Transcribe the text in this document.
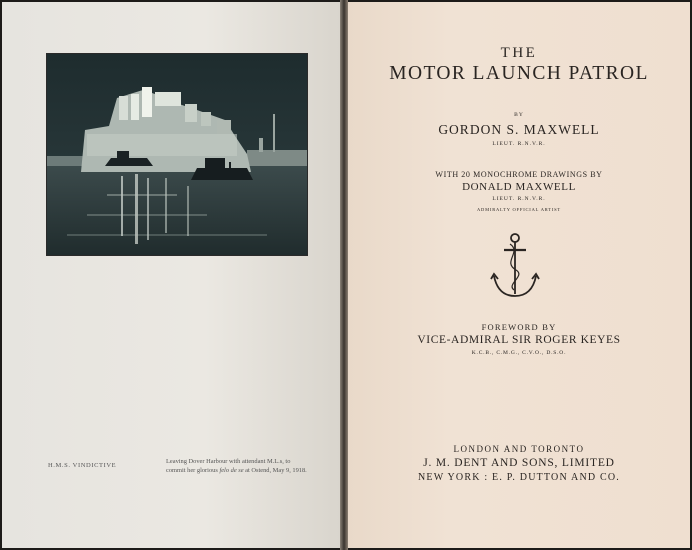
H.M.S. VINDICTIVE
Leaving Dover Harbour with attendant M.L.s, to
commit her glorious felo de se at Ostend, May 9, 1918.
THE
MOTOR LAUNCH PATROL
BY
GORDON S. MAXWELL
LIEUT. R.N.V.R.
WITH 20 MONOCHROME DRAWINGS BY
DONALD MAXWELL
LIEUT. R.N.V.R.
ADMIRALTY OFFICIAL ARTIST
FOREWORD BY
VICE-ADMIRAL SIR ROGER KEYES
K.C.B., C.M.G., C.V.O., D.S.O.
LONDON AND TORONTO
J. M. DENT AND SONS, LIMITED
NEW YORK : E. P. DUTTON AND CO.
